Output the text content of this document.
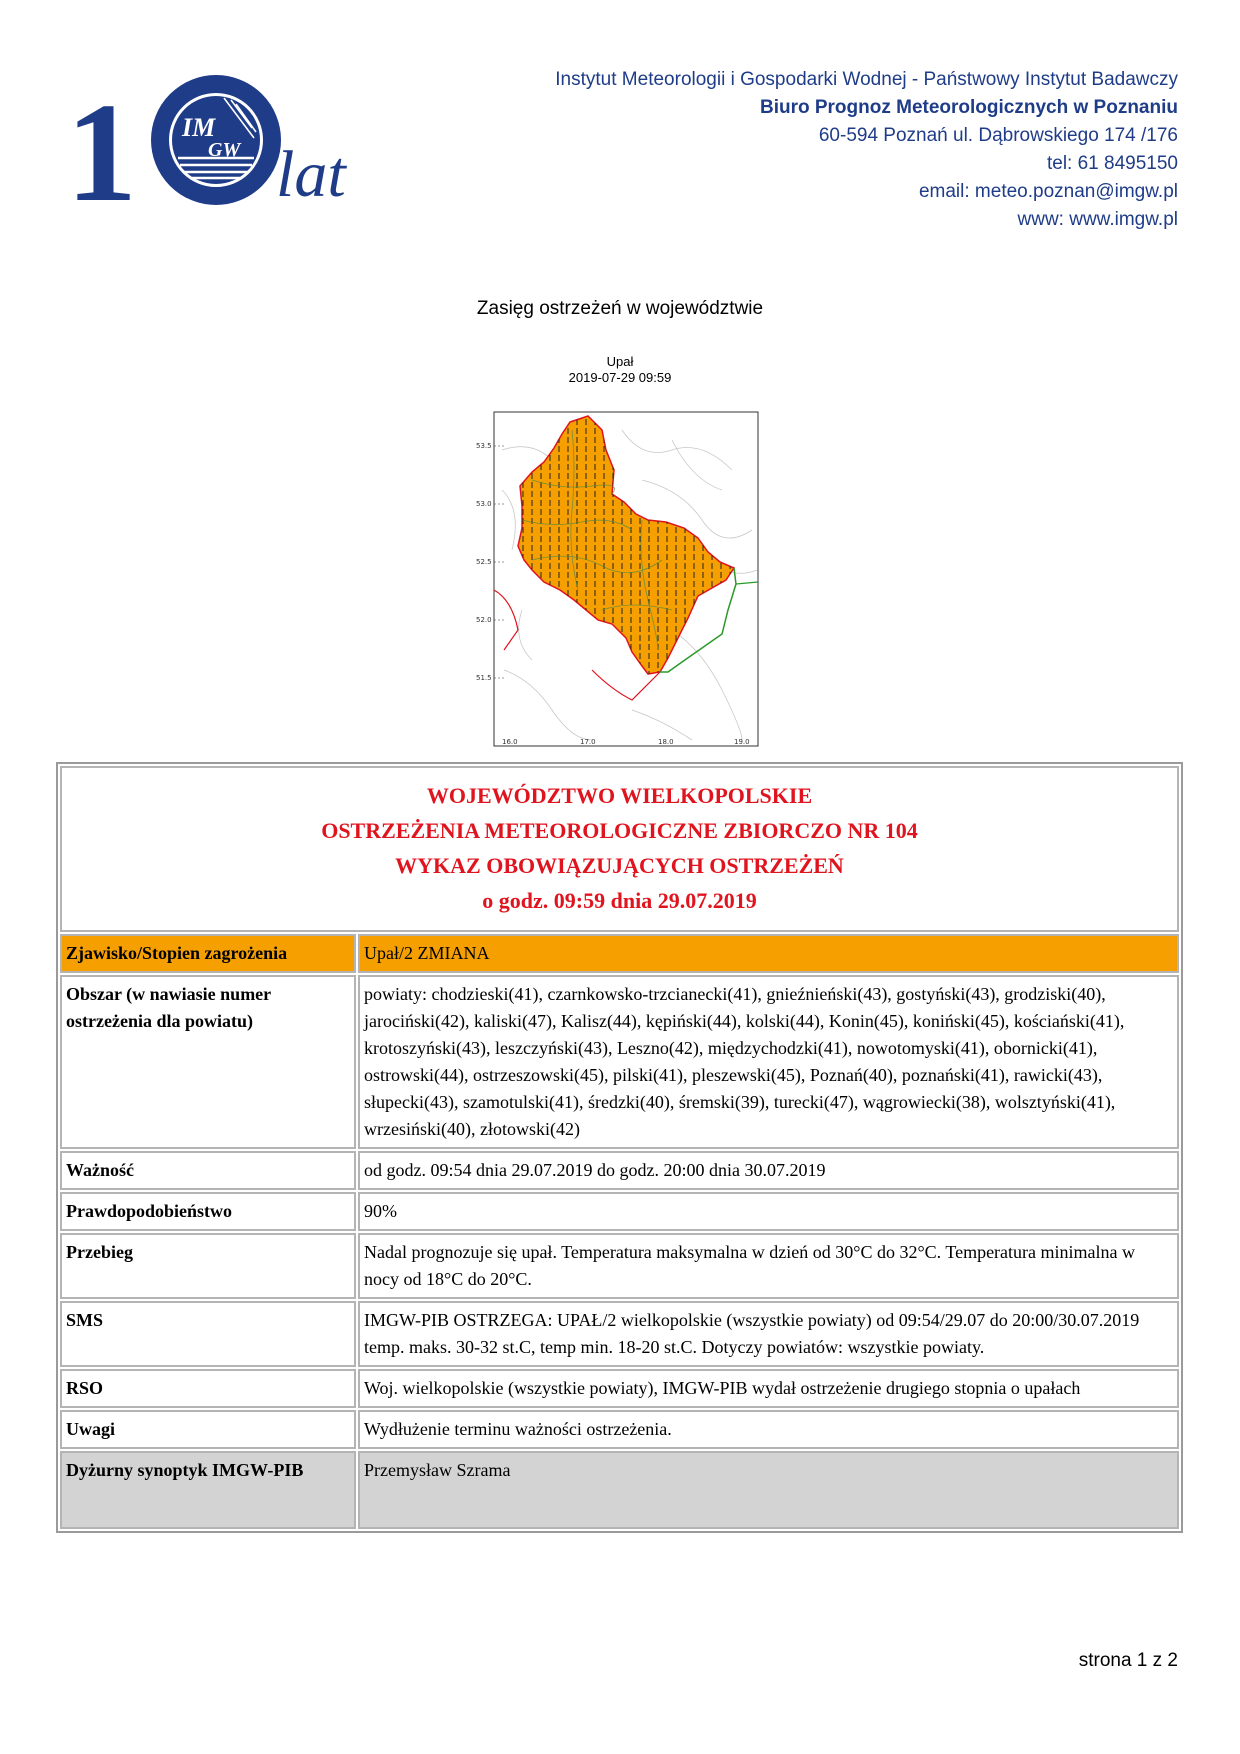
1 IM
GW lat
Instytut Meteorologii i Gospodarki Wodnej - Państwowy Instytut Badawczy
Biuro Prognoz Meteorologicznych w Poznaniu
60-594 Poznań ul. Dąbrowskiego 174 /176
tel: 61 8495150
email: meteo.poznan@imgw.pl
www: www.imgw.pl
Zasięg ostrzeżeń w województwie
Upał
2019-07-29 09:59
53.5
53.0
52.5
52.0
51.5
16.0	17.0	18.0	19.0
WOJEWÓDZTWO WIELKOPOLSKIE
OSTRZEŻENIA METEOROLOGICZNE ZBIORCZO NR 104
WYKAZ OBOWIĄZUJĄCYCH OSTRZEŻEŃ
o godz. 09:59 dnia 29.07.2019	

Zjawisko/Stopien zagrożenia	Upał/2 ZMIANA
Obszar (w nawiasie numer ostrzeżenia dla powiatu)	powiaty: chodzieski(41), czarnkowsko-trzcianecki(41), gnieźnieński(43), gostyński(43), grodziski(40), jarociński(42), kaliski(47), Kalisz(44), kępiński(44), kolski(44), Konin(45), koniński(45), kościański(41), krotoszyński(43), leszczyński(43), Leszno(42), międzychodzki(41), nowotomyski(41), obornicki(41), ostrowski(44), ostrzeszowski(45), pilski(41), pleszewski(45), Poznań(40), poznański(41), rawicki(43), słupecki(43), szamotulski(41), średzki(40), śremski(39), turecki(47), wągrowiecki(38), wolsztyński(41), wrzesiński(40), złotowski(42)
Ważność	od godz. 09:54 dnia 29.07.2019 do godz. 20:00 dnia 30.07.2019
Prawdopodobieństwo	90%
Przebieg	Nadal prognozuje się upał. Temperatura maksymalna w dzień od 30°C do 32°C. Temperatura minimalna w nocy od 18°C do 20°C.
SMS	IMGW-PIB OSTRZEGA: UPAŁ/2 wielkopolskie (wszystkie powiaty) od 09:54/29.07 do 20:00/30.07.2019 temp. maks. 30-32 st.C, temp min. 18-20 st.C. Dotyczy powiatów: wszystkie powiaty.
RSO	Woj. wielkopolskie (wszystkie powiaty), IMGW-PIB wydał ostrzeżenie drugiego stopnia o upałach
Uwagi	Wydłużenie terminu ważności ostrzeżenia.
Dyżurny synoptyk IMGW-PIB	Przemysław Szrama
strona 1 z 2
